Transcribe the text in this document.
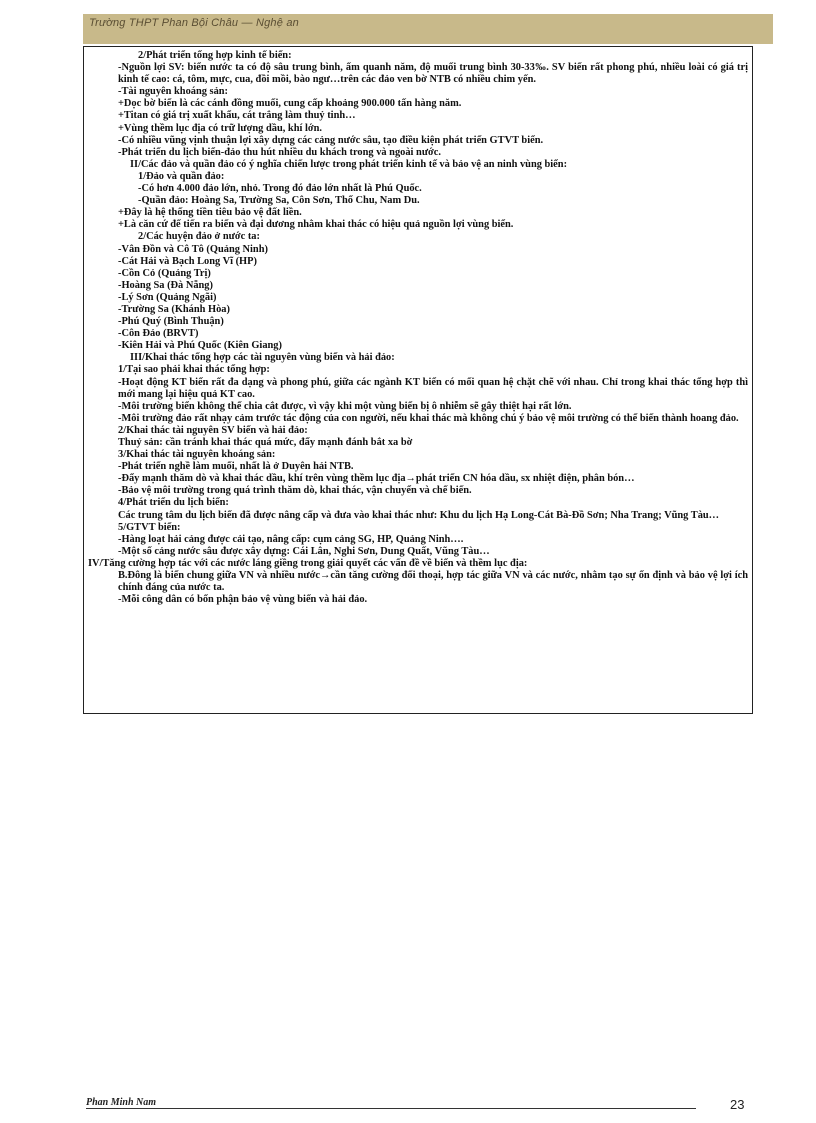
Trường THPT Phan Bội Châu — Nghệ an
2/Phát triển tổng hợp kinh tế biển:
-Nguồn lợi SV: biển nước ta có độ sâu trung bình, ấm quanh năm, độ muối trung bình 30-33‰. SV biển rất phong phú, nhiều loài có giá trị kinh tế cao: cá, tôm, mực, cua, đồi mồi, bào ngư…trên các đảo ven bờ NTB có nhiều chim yến.
-Tài nguyên khoáng sản:
+Dọc bờ biển là các cánh đồng muối, cung cấp khoảng 900.000 tấn hàng năm.
+Titan có giá trị xuất khẩu, cát trắng làm thuỷ tinh…
+Vùng thềm lục địa có trữ lượng dầu, khí lớn.
-Có nhiều vũng vịnh thuận lợi xây dựng các cảng nước sâu, tạo điều kiện phát triển GTVT biển.
-Phát triển du lịch biển-đảo thu hút nhiều du khách trong và ngoài nước.
II/Các đảo và quần đảo có ý nghĩa chiến lược trong phát triển kinh tế và bảo vệ an ninh vùng biển:
1/Đảo và quần đảo:
-Có hơn 4.000 đảo lớn, nhỏ. Trong đó đảo lớn nhất là Phú Quốc.
-Quần đảo: Hoàng Sa, Trường Sa, Côn Sơn, Thổ Chu, Nam Du.
+Đây là hệ thống tiền tiêu bảo vệ đất liền.
+Là căn cứ để tiến ra biển và đại dương nhằm khai thác có hiệu quả nguồn lợi vùng biển.
2/Các huyện đảo ở nước ta:
-Vân Đồn và Cô Tô (Quảng Ninh)
-Cát Hải và Bạch Long Vĩ (HP)
-Cồn Cỏ (Quảng Trị)
-Hoàng Sa (Đà Nẵng)
-Lý Sơn (Quảng Ngãi)
-Trường Sa (Khánh Hòa)
-Phú Quý (Bình Thuận)
-Côn Đảo (BRVT)
-Kiên Hải và Phú Quốc (Kiên Giang)
III/Khai thác tổng hợp các tài nguyên vùng biển và hải đảo:
1/Tại sao phải khai thác tổng hợp:
-Hoạt động KT biển rất đa dạng và phong phú, giữa các ngành KT biển có mối quan hệ chặt chẽ với nhau. Chỉ trong khai thác tổng hợp thì mới mang lại hiệu quả KT cao.
-Môi trường biển không thể chia cắt được, vì vậy khi một vùng biển bị ô nhiễm sẽ gây thiệt hại rất lớn.
-Môi trường đảo rất nhạy cảm trước tác động của con người, nếu khai thác mà không chú ý bảo vệ môi trường có thể biến thành hoang đảo.
2/Khai thác tài nguyên SV biển và hải đảo:
Thuỷ sản: cần tránh khai thác quá mức, đẩy mạnh đánh bắt xa bờ
3/Khai thác tài nguyên khoáng sản:
-Phát triển nghề làm muối, nhất là ở Duyên hải NTB.
-Đẩy mạnh thăm dò và khai thác dầu, khí trên vùng thềm lục địa→phát triển CN hóa dầu, sx nhiệt điện, phân bón…
-Bảo vệ môi trường trong quá trình thăm dò, khai thác, vận chuyển và chế biến.
4/Phát triển du lịch biển:
Các trung tâm du lịch biển đã được nâng cấp và đưa vào khai thác như: Khu du lịch Hạ Long-Cát Bà-Đồ Sơn; Nha Trang; Vũng Tàu…
5/GTVT biển:
-Hàng loạt hải cảng được cải tạo, nâng cấp: cụm cảng SG, HP, Quảng Ninh….
-Một số cảng nước sâu được xây dựng: Cái Lân, Nghi Sơn, Dung Quất, Vũng Tàu…
IV/Tăng cường hợp tác với các nước láng giềng trong giải quyết các vấn đề về biển và thềm lục địa:
B.Đông là biển chung giữa VN và nhiều nước→cần tăng cường đối thoại, hợp tác giữa VN và các nước, nhằm tạo sự ổn định và bảo vệ lợi ích chính đáng của nước ta.
-Mỗi công dân có bổn phận bảo vệ vùng biển và hải đảo.
Phan Minh Nam	23
